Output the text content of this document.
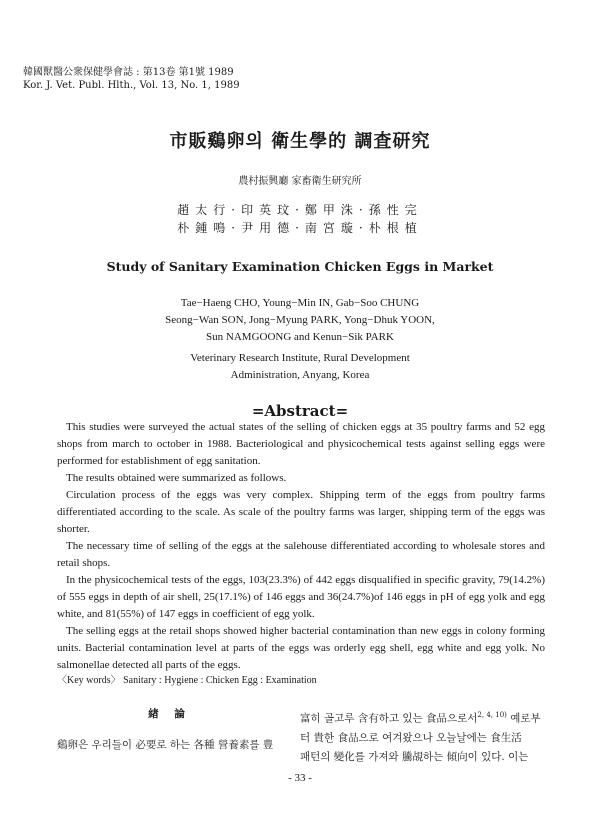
韓國獸醫公衆保健學會誌 : 第13卷 第1號 1989
Kor. J. Vet. Publ. Hlth., Vol. 13, No. 1, 1989
市販鷄卵의 衛生學的 調査研究
農村振興廳 家畜衛生研究所
趙太行·印英玟·鄭甲洙·孫性完
朴鍾鳴·尹用德·南宮璇·朴根植
Study of Sanitary Examination Chicken Eggs in Market
Tae−Haeng CHO, Young−Min IN, Gab−Soo CHUNG
Seong−Wan SON, Jong−Myung PARK, Yong−Dhuk YOON,
Sun NAMGOONG and Kenun−Sik PARK
Veterinary Research Institute, Rural Development
Administration, Anyang, Korea
=Abstract=

This studies were surveyed the actual states of the selling of chicken eggs at 35 poultry farms and 52 egg shops from march to october in 1988. Bacteriological and physicochemical tests against selling eggs were performed for establishment of egg sanitation.

The results obtained were summarized as follows.

Circulation process of the eggs was very complex. Shipping term of the eggs from poultry farms differentiated according to the scale. As scale of the poultry farms was larger, shipping term of the eggs was shorter.

The necessary time of selling of the eggs at the salehouse differentiated according to wholesale stores and retail shops.

In the physicochemical tests of the eggs, 103(23.3%) of 442 eggs disqualified in specific gravity, 79(14.2%) of 555 eggs in depth of air shell, 25(17.1%) of 146 eggs and 36(24.7%)of 146 eggs in pH of egg yolk and egg white, and 81(55%) of 147 eggs in coefficient of egg yolk.

The selling eggs at the retail shops showed higher bacterial contamination than new eggs in colony forming units. Bacterial contamination level at parts of the eggs was orderly egg shell, egg white and egg yolk. No salmonellae detected all parts of the eggs.

〈Key words〉 Sanitary : Hygiene : Chicken Egg : Examination
緖 論
鷄卵은 우리들이 必要로 하는 各種 營養素를 豊
富히 골고루 含有하고 있는 食品으로서$^{2, 4, 10)}$ 예로부
터 貴한 食品으로 여겨왔으나 오늘날에는 食生活
패턴의 變化를 가져와 騰覘하는 傾向이 있다. 이는
- 33 -
